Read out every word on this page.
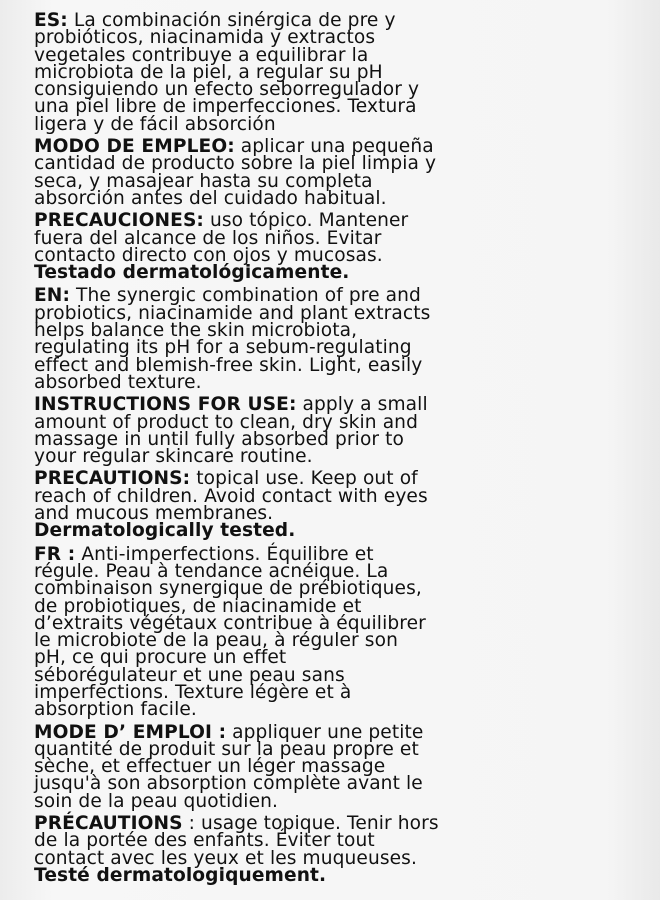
ES: La combinación sinérgica de pre y
probióticos, niacinamida y extractos
vegetales contribuye a equilibrar la
microbiota de la piel, a regular su pH
consiguiendo un efecto seborregulador y
una piel libre de imperfecciones. Textura
ligera y de fácil absorción

MODO DE EMPLEO: aplicar una pequeña
cantidad de producto sobre la piel limpia y
seca, y masajear hasta su completa
absorción antes del cuidado habitual.

PRECAUCIONES: uso tópico. Mantener
fuera del alcance de los niños. Evitar
contacto directo con ojos y mucosas.
Testado dermatológicamente.

EN: The synergic combination of pre and
probiotics, niacinamide and plant extracts
helps balance the skin microbiota,
regulating its pH for a sebum-regulating
effect and blemish-free skin. Light, easily
absorbed texture.

INSTRUCTIONS FOR USE: apply a small
amount of product to clean, dry skin and
massage in until fully absorbed prior to
your regular skincare routine.

PRECAUTIONS: topical use. Keep out of
reach of children. Avoid contact with eyes
and mucous membranes.
Dermatologically tested.

FR : Anti-imperfections. Équilibre et
régule. Peau à tendance acnéique. La
combinaison synergique de prébiotiques,
de probiotiques, de niacinamide et
d’extraits végétaux contribue à équilibrer
le microbiote de la peau, à réguler son
pH, ce qui procure un effet
séborégulateur et une peau sans
imperfections. Texture légère et à
absorption facile.

MODE D’ EMPLOI : appliquer une petite
quantité de produit sur la peau propre et
sèche, et effectuer un léger massage
jusqu'à son absorption complète avant le
soin de la peau quotidien.

PRÉCAUTIONS : usage topique. Tenir hors
de la portée des enfants. Éviter tout
contact avec les yeux et les muqueuses.
Testé dermatologiquement.
